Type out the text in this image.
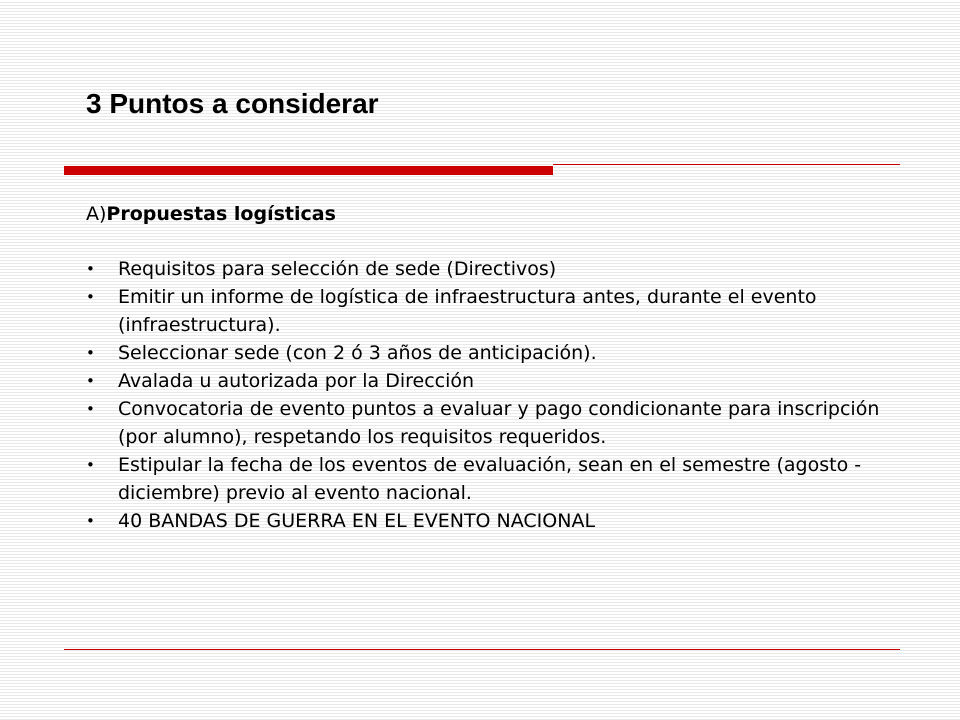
3 Puntos a considerar

A)Propuestas logísticas

•	Requisitos para selección de sede (Directivos)
•	Emitir un informe de logística de infraestructura antes, durante el evento (infraestructura).
•	Seleccionar sede (con 2 ó 3 años de anticipación).
•	Avalada u autorizada por la Dirección
•	Convocatoria de evento puntos a evaluar y pago condicionante para inscripción (por alumno), respetando los requisitos requeridos.
•	Estipular la fecha de los eventos de evaluación, sean en el semestre (agosto -diciembre) previo al evento nacional.
•	40 BANDAS DE GUERRA EN EL EVENTO NACIONAL
